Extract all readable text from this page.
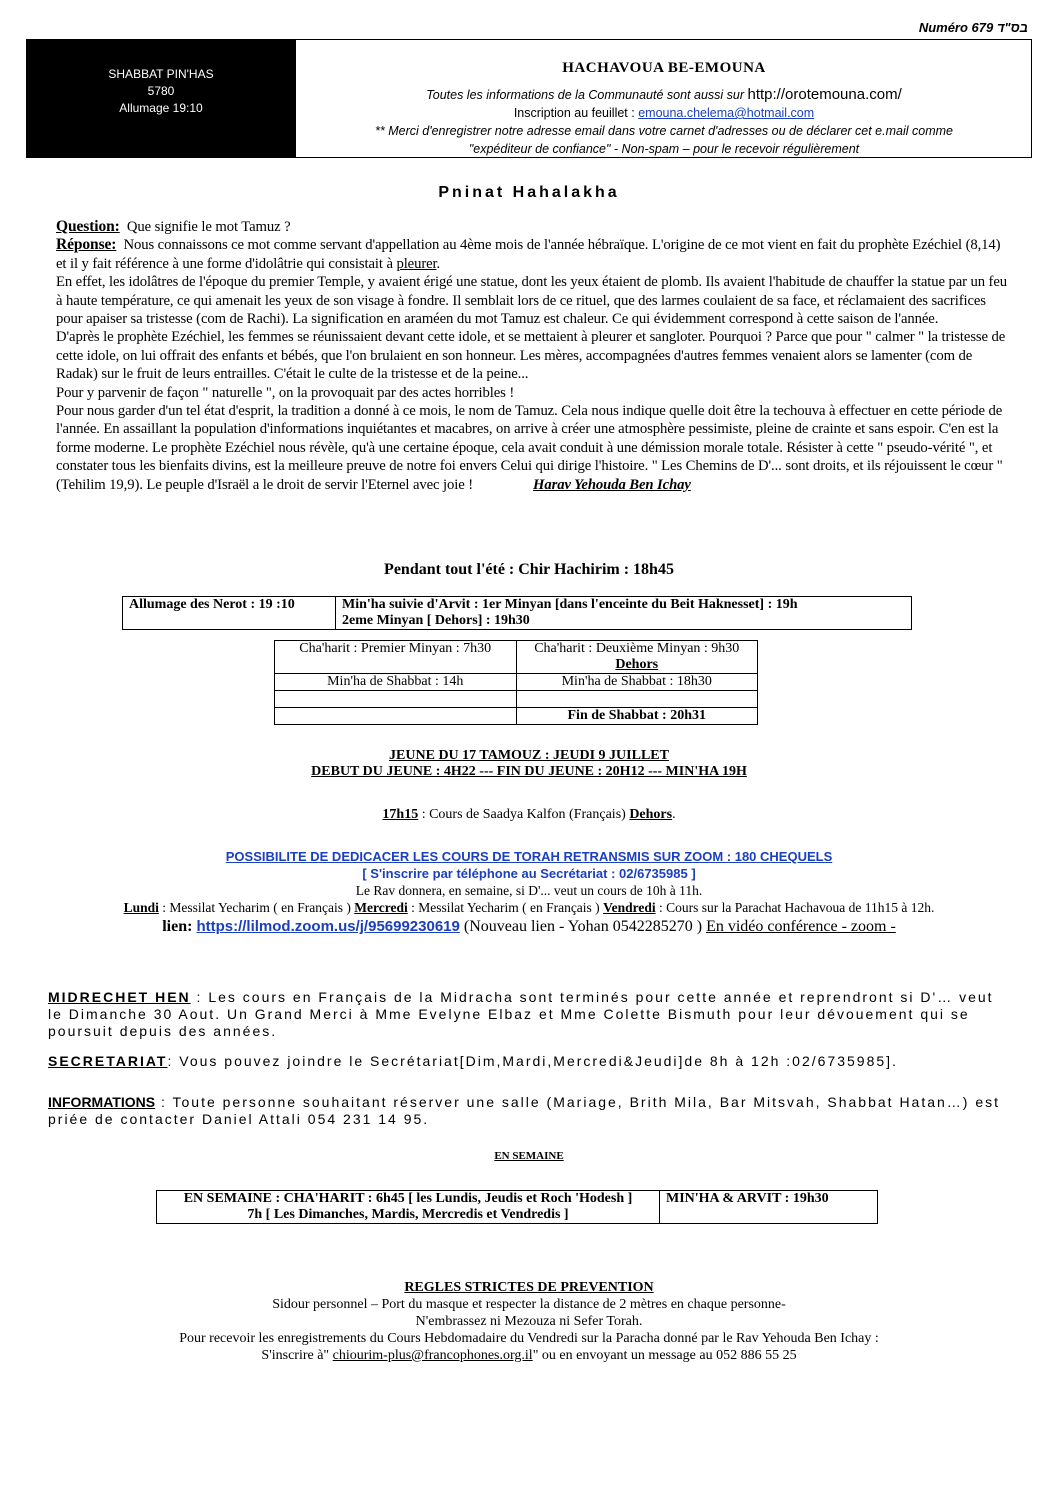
Numéro 679 בס"ד
SHABBAT PIN'HAS
5780
Allumage 19:10
HACHAVOUA BE-EMOUNA
Toutes les informations de la Communauté sont aussi sur http://orotemouna.com/
Inscription au feuillet : emouna.chelema@hotmail.com
** Merci d'enregistrer notre adresse email dans votre carnet d'adresses ou de déclarer cet e.mail comme
"expéditeur de confiance" - Non-spam – pour le recevoir régulièrement
Pninat Hahalakha

Question: Que signifie le mot Tamuz ?

Réponse: Nous connaissons ce mot comme servant d'appellation au 4ème mois de l'année hébraïque. L'origine de ce mot vient en fait du prophète Ezéchiel (8,14) et il y fait référence à une forme d'idolâtrie qui consistait à pleurer.

En effet, les idolâtres de l'époque du premier Temple, y avaient érigé une statue, dont les yeux étaient de plomb. Ils avaient l'habitude de chauffer la statue par un feu à haute température, ce qui amenait les yeux de son visage à fondre. Il semblait lors de ce rituel, que des larmes coulaient de sa face, et réclamaient des sacrifices pour apaiser sa tristesse (com de Rachi). La signification en araméen du mot Tamuz est chaleur. Ce qui évidemment correspond à cette saison de l'année.

D'après le prophète Ezéchiel, les femmes se réunissaient devant cette idole, et se mettaient à pleurer et sangloter. Pourquoi ? Parce que pour " calmer " la tristesse de cette idole, on lui offrait des enfants et bébés, que l'on brulaient en son honneur. Les mères, accompagnées d'autres femmes venaient alors se lamenter (com de Radak) sur le fruit de leurs entrailles. C'était le culte de la tristesse et de la peine...

Pour y parvenir de façon " naturelle ", on la provoquait par des actes horribles !

Pour nous garder d'un tel état d'esprit, la tradition a donné à ce mois, le nom de Tamuz. Cela nous indique quelle doit être la techouva à effectuer en cette période de l'année. En assaillant la population d'informations inquiétantes et macabres, on arrive à créer une atmosphère pessimiste, pleine de crainte et sans espoir. C'en est la forme moderne. Le prophète Ezéchiel nous révèle, qu'à une certaine époque, cela avait conduit à une démission morale totale. Résister à cette " pseudo-vérité ", et constater tous les bienfaits divins, est la meilleure preuve de notre foi envers Celui qui dirige l'histoire. " Les Chemins de D'... sont droits, et ils réjouissent le cœur " (Tehilim 19,9). Le peuple d'Israël a le droit de servir l'Eternel avec joie !	Harav Yehouda Ben Ichay

Pendant tout l'été : Chir Hachirim : 18h45
Allumage des Nerot : 19 :10	Min'ha suivie d'Arvit : 1er Minyan [dans l'enceinte du Beit Haknesset] : 19h
2eme Minyan [ Dehors] : 19h30
Cha'harit : Premier Minyan : 7h30	Cha'harit : Deuxième Minyan : 9h30
Dehors

Min'ha de Shabbat : 14h	Min'ha de Shabbat : 18h30

	Fin de Shabbat : 20h31
JEUNE DU 17 TAMOUZ : JEUDI 9 JUILLET
DEBUT DU JEUNE : 4H22 --- FIN DU JEUNE : 20H12 --- MIN'HA 19H
17h15 : Cours de Saadya Kalfon (Français) Dehors.
POSSIBILITE DE DEDICACER LES COURS DE TORAH RETRANSMIS SUR ZOOM : 180 CHEQUELS
[ S'inscrire par téléphone au Secrétariat : 02/6735985 ]
Le Rav donnera, en semaine, si D'... veut un cours de 10h à 11h.
Lundi : Messilat Yecharim ( en Français ) Mercredi : Messilat Yecharim ( en Français ) Vendredi : Cours sur la Parachat Hachavoua de 11h15 à 12h.
lien: https://lilmod.zoom.us/j/95699230619 (Nouveau lien - Yohan 0542285270 ) En vidéo conférence - zoom -
MIDRECHET HEN : Les cours en Français de la Midracha sont terminés pour cette année et reprendront si D'… veut le Dimanche 30 Aout. Un Grand Merci à Mme Evelyne Elbaz et Mme Colette Bismuth pour leur dévouement qui se poursuit depuis des années.
SECRETARIAT: Vous pouvez joindre le Secrétariat[Dim,Mardi,Mercredi&Jeudi]de 8h à 12h :02/6735985].
INFORMATIONS : Toute personne souhaitant réserver une salle (Mariage, Brith Mila, Bar Mitsvah, Shabbat Hatan…) est priée de contacter Daniel Attali 054 231 14 95.
EN SEMAINE
EN SEMAINE : CHA'HARIT : 6h45 [ les Lundis, Jeudis et Roch 'Hodesh ]
7h [ Les Dimanches, Mardis, Mercredis et Vendredis ]
	MIN'HA & ARVIT : 19h30
REGLES STRICTES DE PREVENTION
Sidour personnel – Port du masque et respecter la distance de 2 mètres en chaque personne-
N'embrassez ni Mezouza ni Sefer Torah.
Pour recevoir les enregistrements du Cours Hebdomadaire du Vendredi sur la Paracha donné par le Rav Yehouda Ben Ichay :
S'inscrire à" chiourim-plus@francophones.org.il" ou en envoyant un message au 052 886 55 25
